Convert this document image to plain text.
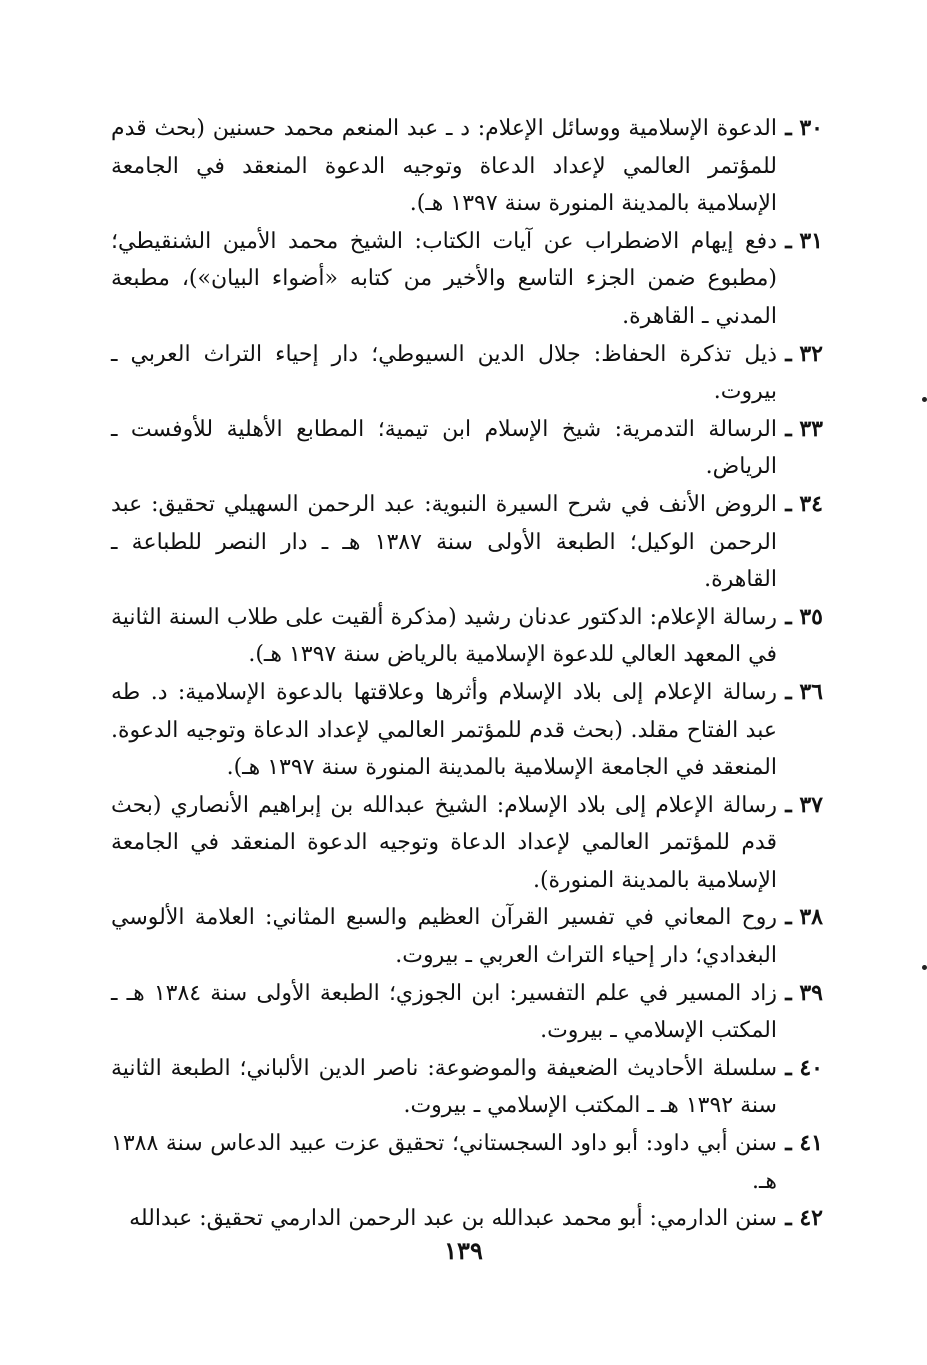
٣٠ ـ
الدعوة الإسلامية ووسائل الإعلام: د ـ عبد المنعم محمد حسنين (بحث قدم للمؤتمر العالمي لإعداد الدعاة وتوجيه الدعوة المنعقد في الجامعة الإسلامية بالمدينة المنورة سنة ١٣٩٧ هـ).
٣١ ـ
دفع إيهام الاضطراب عن آيات الكتاب: الشيخ محمد الأمين الشنقيطي؛ (مطبوع ضمن الجزء التاسع والأخير من كتابه «أضواء البيان»)، مطبعة المدني ـ القاهرة.
٣٢ ـ
ذيل تذكرة الحفاظ: جلال الدين السيوطي؛ دار إحياء التراث العربي ـ بيروت.
٣٣ ـ
الرسالة التدمرية: شيخ الإسلام ابن تيمية؛ المطابع الأهلية للأوفست ـ الرياض.
٣٤ ـ
الروض الأنف في شرح السيرة النبوية: عبد الرحمن السهيلي تحقيق: عبد الرحمن الوكيل؛ الطبعة الأولى سنة ١٣٨٧ هـ ـ دار النصر للطباعة ـ القاهرة.
٣٥ ـ
رسالة الإعلام: الدكتور عدنان رشيد (مذكرة ألقيت على طلاب السنة الثانية في المعهد العالي للدعوة الإسلامية بالرياض سنة ١٣٩٧ هـ).
٣٦ ـ
رسالة الإعلام إلى بلاد الإسلام وأثرها وعلاقتها بالدعوة الإسلامية: د. طه عبد الفتاح مقلد. (بحث قدم للمؤتمر العالمي لإعداد الدعاة وتوجيه الدعوة. المنعقد في الجامعة الإسلامية بالمدينة المنورة سنة ١٣٩٧ هـ).
٣٧ ـ
رسالة الإعلام إلى بلاد الإسلام: الشيخ عبدالله بن إبراهيم الأنصاري (بحث قدم للمؤتمر العالمي لإعداد الدعاة وتوجيه الدعوة المنعقد في الجامعة الإسلامية بالمدينة المنورة).
٣٨ ـ
روح المعاني في تفسير القرآن العظيم والسبع المثاني: العلامة الألوسي البغدادي؛ دار إحياء التراث العربي ـ بيروت.
٣٩ ـ
زاد المسير في علم التفسير: ابن الجوزي؛ الطبعة الأولى سنة ١٣٨٤ هـ ـ المكتب الإسلامي ـ بيروت.
٤٠ ـ
سلسلة الأحاديث الضعيفة والموضوعة: ناصر الدين الألباني؛ الطبعة الثانية سنة ١٣٩٢ هـ ـ المكتب الإسلامي ـ بيروت.
٤١ ـ
سنن أبي داود: أبو داود السجستاني؛ تحقيق عزت عبيد الدعاس سنة ١٣٨٨ هـ.
٤٢ ـ
سنن الدارمي: أبو محمد عبدالله بن عبد الرحمن الدارمي تحقيق: عبدالله
١٣٩
